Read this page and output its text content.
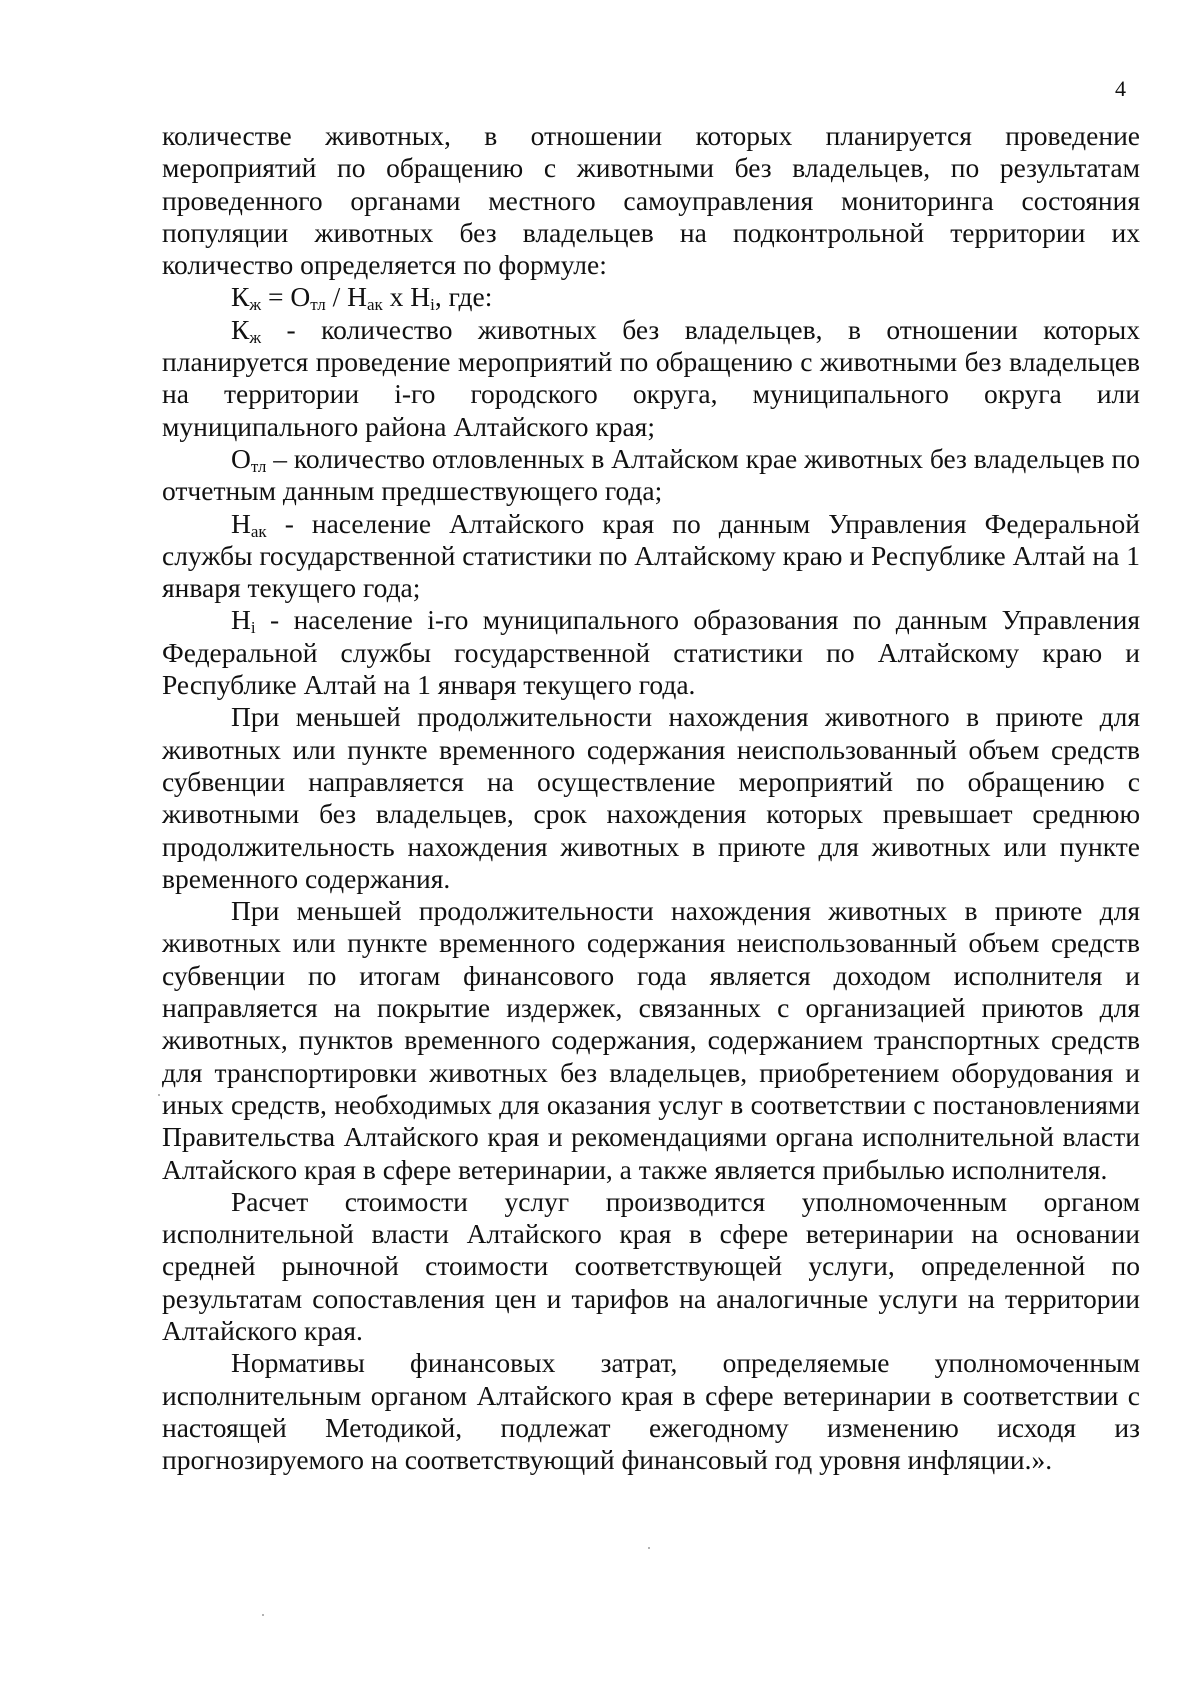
4

количестве животных, в отношении которых планируется проведение мероприятий по обращению с животными без владельцев, по результатам проведенного органами местного самоуправления мониторинга состояния популяции животных без владельцев на подконтрольной территории их количество определяется по формуле:

$К_ж = О_{тл} / Н_{ак}$ x $Н_i$, где:

$К_ж$ - количество животных без владельцев, в отношении которых планируется проведение мероприятий по обращению с животными без владельцев на территории i-го городского округа, муниципального округа или муниципального района Алтайского края;

$О_{тл}$ – количество отловленных в Алтайском крае животных без владельцев по отчетным данным предшествующего года;

$Н_{ак}$ - население Алтайского края по данным Управления Федеральной службы государственной статистики по Алтайскому краю и Республике Алтай на 1 января текущего года;

$Н_i$ - население i-го муниципального образования по данным Управления Федеральной службы государственной статистики по Алтайскому краю и Республике Алтай на 1 января текущего года.

При меньшей продолжительности нахождения животного в приюте для животных или пункте временного содержания неиспользованный объем средств субвенции направляется на осуществление мероприятий по обращению с животными без владельцев, срок нахождения которых превышает среднюю продолжительность нахождения животных в приюте для животных или пункте временного содержания.

При меньшей продолжительности нахождения животных в приюте для животных или пункте временного содержания неиспользованный объем средств субвенции по итогам финансового года является доходом исполнителя и направляется на покрытие издержек, связанных с организацией приютов для животных, пунктов временного содержания, содержанием транспортных средств для транспортировки животных без владельцев, приобретением оборудования и иных средств, необходимых для оказания услуг в соответствии с постановлениями Правительства Алтайского края и рекомендациями органа исполнительной власти Алтайского края в сфере ветеринарии, а также является прибылью исполнителя.

Расчет стоимости услуг производится уполномоченным органом исполнительной власти Алтайского края в сфере ветеринарии на основании средней рыночной стоимости соответствующей услуги, определенной по результатам сопоставления цен и тарифов на аналогичные услуги на территории Алтайского края.

Нормативы финансовых затрат, определяемые уполномоченным исполнительным органом Алтайского края в сфере ветеринарии в соответствии с настоящей Методикой, подлежат ежегодному изменению исходя из прогнозируемого на соответствующий финансовый год уровня инфляции.».
